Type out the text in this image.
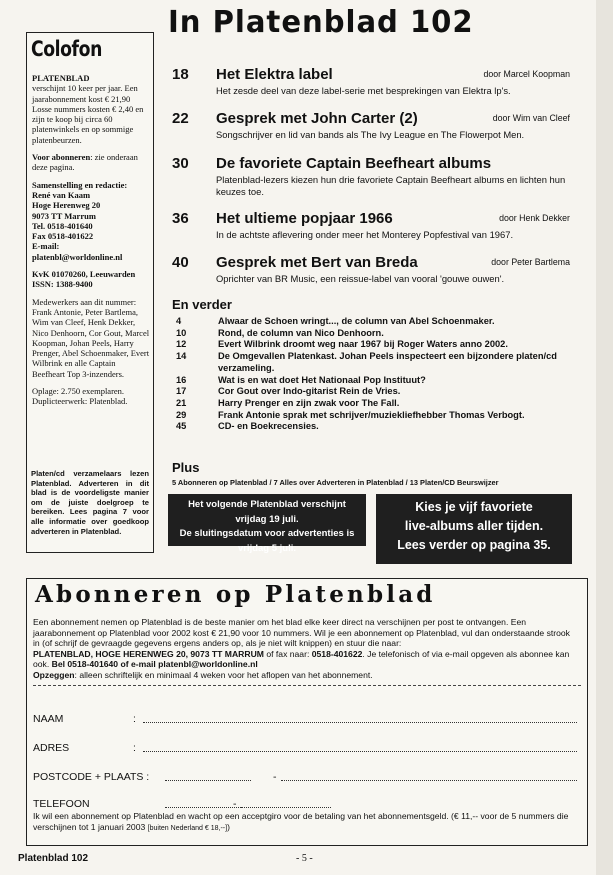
Colofon

PLATENBLAD
verschijnt 10 keer per jaar. Een jaarabonnement kost € 21,90 Losse nummers kosten € 2,40 en zijn te koop bij circa 60 platenwinkels en op sommige platenbeurzen.

Voor abonneren: zie onderaan deze pagina.

Samenstelling en redactie:
René van Kaam
Hoge Herenweg 20
9073 TT Marrum
Tel. 0518-401640
Fax 0518-401622
E-mail:
platenbl@worldonline.nl

KvK 01070260, Leeuwarden
ISSN: 1388-9400

Medewerkers aan dit nummer: Frank Antonie, Peter Bartlema, Wim van Cleef, Henk Dekker, Nico Denhoorn, Cor Gout, Marcel Koopman, Johan Peels, Harry Prenger, Abel Schoenmaker, Evert Wilbrink en alle Captain Beefheart Top 3-inzenders.

Oplage: 2.750 exemplaren.
Duplicteerwerk: Platenblad.

Platen/cd verzamelaars lezen Platenblad. Adverteren in dit blad is de voordeligste manier om de juiste doelgroep te bereiken. Lees pagina 7 voor alle informatie over goedkoop adverteren in Platenblad.

In Platenblad 102
18 Het Elektra label	door Marcel Koopman
Het zesde deel van deze label-serie met besprekingen van Elektra lp's.
22 Gesprek met John Carter (2)	door Wim van Cleef
Songschrijver en lid van bands als The Ivy League en The Flowerpot Men.
30 De favoriete Captain Beefheart albums
Platenblad-lezers kiezen hun drie favoriete Captain Beefheart albums en lichten hun keuzes toe.
36 Het ultieme popjaar 1966	door Henk Dekker
In de achtste aflevering onder meer het Monterey Popfestival van 1967.
40 Gesprek met Bert van Breda	door Peter Bartlema
Oprichter van BR Music, een reissue-label van vooral 'gouwe ouwen'.
En verder
4	Alwaar de Schoen wringt..., de column van Abel Schoenmaker.
10	Rond, de column van Nico Denhoorn.
12	Evert Wilbrink droomt weg naar 1967 bij Roger Waters anno 2002.
14	De Omgevallen Platenkast. Johan Peels inspecteert een bijzondere platen/cd verzameling.
16	Wat is en wat doet Het Nationaal Pop Instituut?
17	Cor Gout over Indo-gitarist Rein de Vries.
21	Harry Prenger en zijn zwak voor The Fall.
29	Frank Antonie sprak met schrijver/muziekliefhebber Thomas Verbogt.
45	CD- en Boekrecensies.
Plus
5 Abonneren op Platenblad / 7 Alles over Adverteren in Platenblad / 13 Platen/CD Beurswijzer
Het volgende Platenblad verschijnt
vrijdag 19 juli.
De sluitingsdatum voor advertenties is
vrijdag 5 juli.
Kies je vijf favoriete
live-albums aller tijden.
Lees verder op pagina 35.
Abonneren op Platenblad
Een abonnement nemen op Platenblad is de beste manier om het blad elke keer direct na verschijnen per post te ontvangen. Een jaarabonnement op Platenblad voor 2002 kost € 21,90 voor 10 nummers. Wil je een abonnement op Platenblad, vul dan onderstaande strook in (of schrijf de gevraagde gegevens ergens anders op, als je niet wilt knippen) en stuur die naar:
PLATENBLAD, HOGE HERENWEG 20, 9073 TT MARRUM of fax naar: 0518-401622. Je telefonisch of via e-mail opgeven als abonnee kan ook. Bel 0518-401640 of e-mail platenbl@worldonline.nl
Opzeggen: alleen schriftelijk en minimaal 4 weken voor het aflopen van het abonnement.
NAAM	:
ADRES	:
POSTCODE + PLAATS :	-
TELEFOON	-
Ik wil een abonnement op Platenblad en wacht op een acceptgiro voor de betaling van het abonnementsgeld. (€ 11,-- voor de 5 nummers die verschijnen tot 1 januari 2003 [buiten Nederland € 18,--])
Platenblad 102	- 5 -
